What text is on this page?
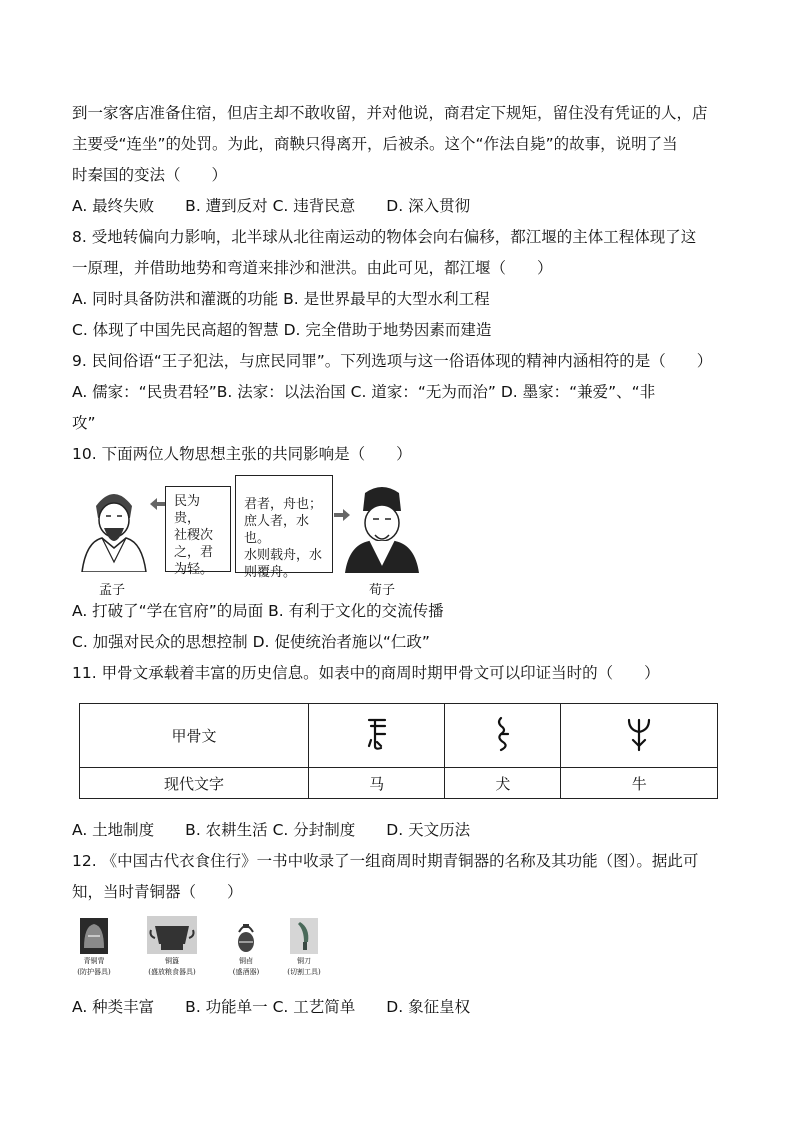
到一家客店准备住宿，但店主却不敢收留，并对他说，商君定下规矩，留住没有凭证的人，店
主要受“连坐”的处罚。为此，商鞅只得离开，后被杀。这个“作法自毙”的故事，说明了当
时秦国的变法（　　）
A. 最终失败　　B. 遭到反对 C. 违背民意　　D. 深入贯彻
8. 受地转偏向力影响，北半球从北往南运动的物体会向右偏移，都江堰的主体工程体现了这
一原理，并借助地势和弯道来排沙和泄洪。由此可见，都江堰（　　）
A. 同时具备防洪和灌溉的功能 B. 是世界最早的大型水利工程
C. 体现了中国先民高超的智慧 D. 完全借助于地势因素而建造
9. 民间俗语“王子犯法，与庶民同罪”。下列选项与这一俗语体现的精神内涵相符的是（　　）
A. 儒家：“民贵君轻”B. 法家：以法治国 C. 道家：“无为而治” D. 墨家：“兼爱”、“非
攻”
10. 下面两位人物思想主张的共同影响是（　　）
孟子
民为贵，
社稷次
之，君
为轻。
君者，舟也；
庶人者，水也。
水则载舟，水
则覆舟。
荀子
A. 打破了“学在官府”的局面 B. 有利于文化的交流传播
C. 加强对民众的思想控制 D. 促使统治者施以“仁政”
11. 甲骨文承载着丰富的历史信息。如表中的商周时期甲骨文可以印证当时的（　　）
甲骨文			
现代文字	马	犬	牛
A. 土地制度　　B. 农耕生活 C. 分封制度　　D. 天文历法
12. 《中国古代衣食住行》一书中收录了一组商周时期青铜器的名称及其功能（图）。据此可
知，当时青铜器（　　）
青铜胄
(防护器具)
铜簋
(盛放粮食器具)
铜卣
(盛酒器)
铜刀
(切割工具)
A. 种类丰富　　B. 功能单一 C. 工艺简单　　D. 象征皇权
